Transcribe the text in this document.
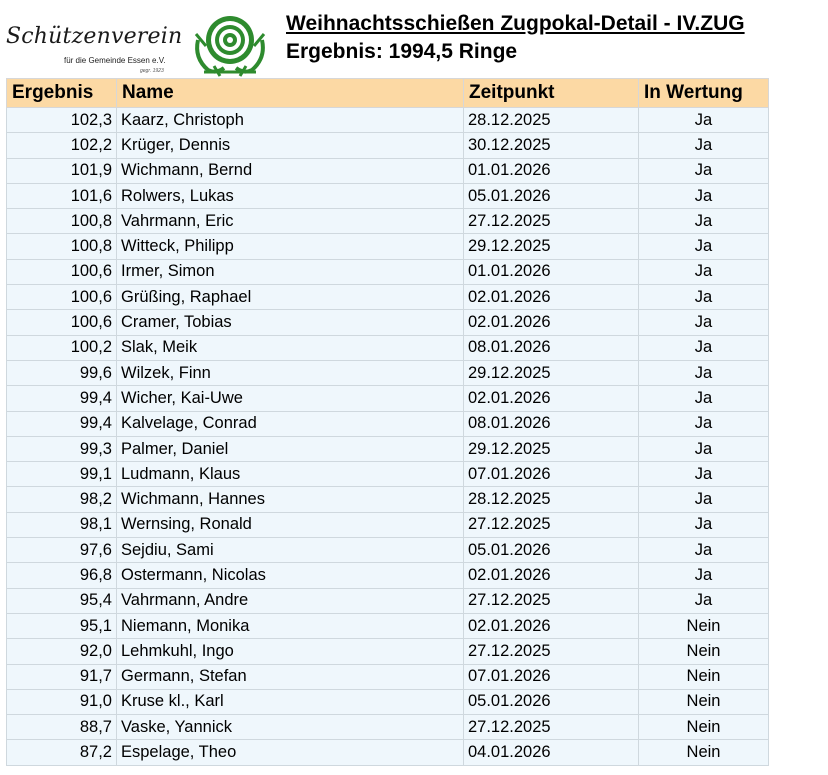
Schützenverein
für die Gemeinde Essen e.V.
gegr. 1923
Weihnachtsschießen Zugpokal-Detail - IV.ZUG
Ergebnis: 1994,5 Ringe
Ergebnis	Name	Zeitpunkt	In Wertung
102,3	Kaarz, Christoph	28.12.2025	Ja
102,2	Krüger, Dennis	30.12.2025	Ja
101,9	Wichmann, Bernd	01.01.2026	Ja
101,6	Rolwers, Lukas	05.01.2026	Ja
100,8	Vahrmann, Eric	27.12.2025	Ja
100,8	Witteck, Philipp	29.12.2025	Ja
100,6	Irmer, Simon	01.01.2026	Ja
100,6	Grüßing, Raphael	02.01.2026	Ja
100,6	Cramer, Tobias	02.01.2026	Ja
100,2	Slak, Meik	08.01.2026	Ja
99,6	Wilzek, Finn	29.12.2025	Ja
99,4	Wicher, Kai-Uwe	02.01.2026	Ja
99,4	Kalvelage, Conrad	08.01.2026	Ja
99,3	Palmer, Daniel	29.12.2025	Ja
99,1	Ludmann, Klaus	07.01.2026	Ja
98,2	Wichmann, Hannes	28.12.2025	Ja
98,1	Wernsing, Ronald	27.12.2025	Ja
97,6	Sejdiu, Sami	05.01.2026	Ja
96,8	Ostermann, Nicolas	02.01.2026	Ja
95,4	Vahrmann, Andre	27.12.2025	Ja
95,1	Niemann, Monika	02.01.2026	Nein
92,0	Lehmkuhl, Ingo	27.12.2025	Nein
91,7	Germann, Stefan	07.01.2026	Nein
91,0	Kruse kl., Karl	05.01.2026	Nein
88,7	Vaske, Yannick	27.12.2025	Nein
87,2	Espelage, Theo	04.01.2026	Nein
